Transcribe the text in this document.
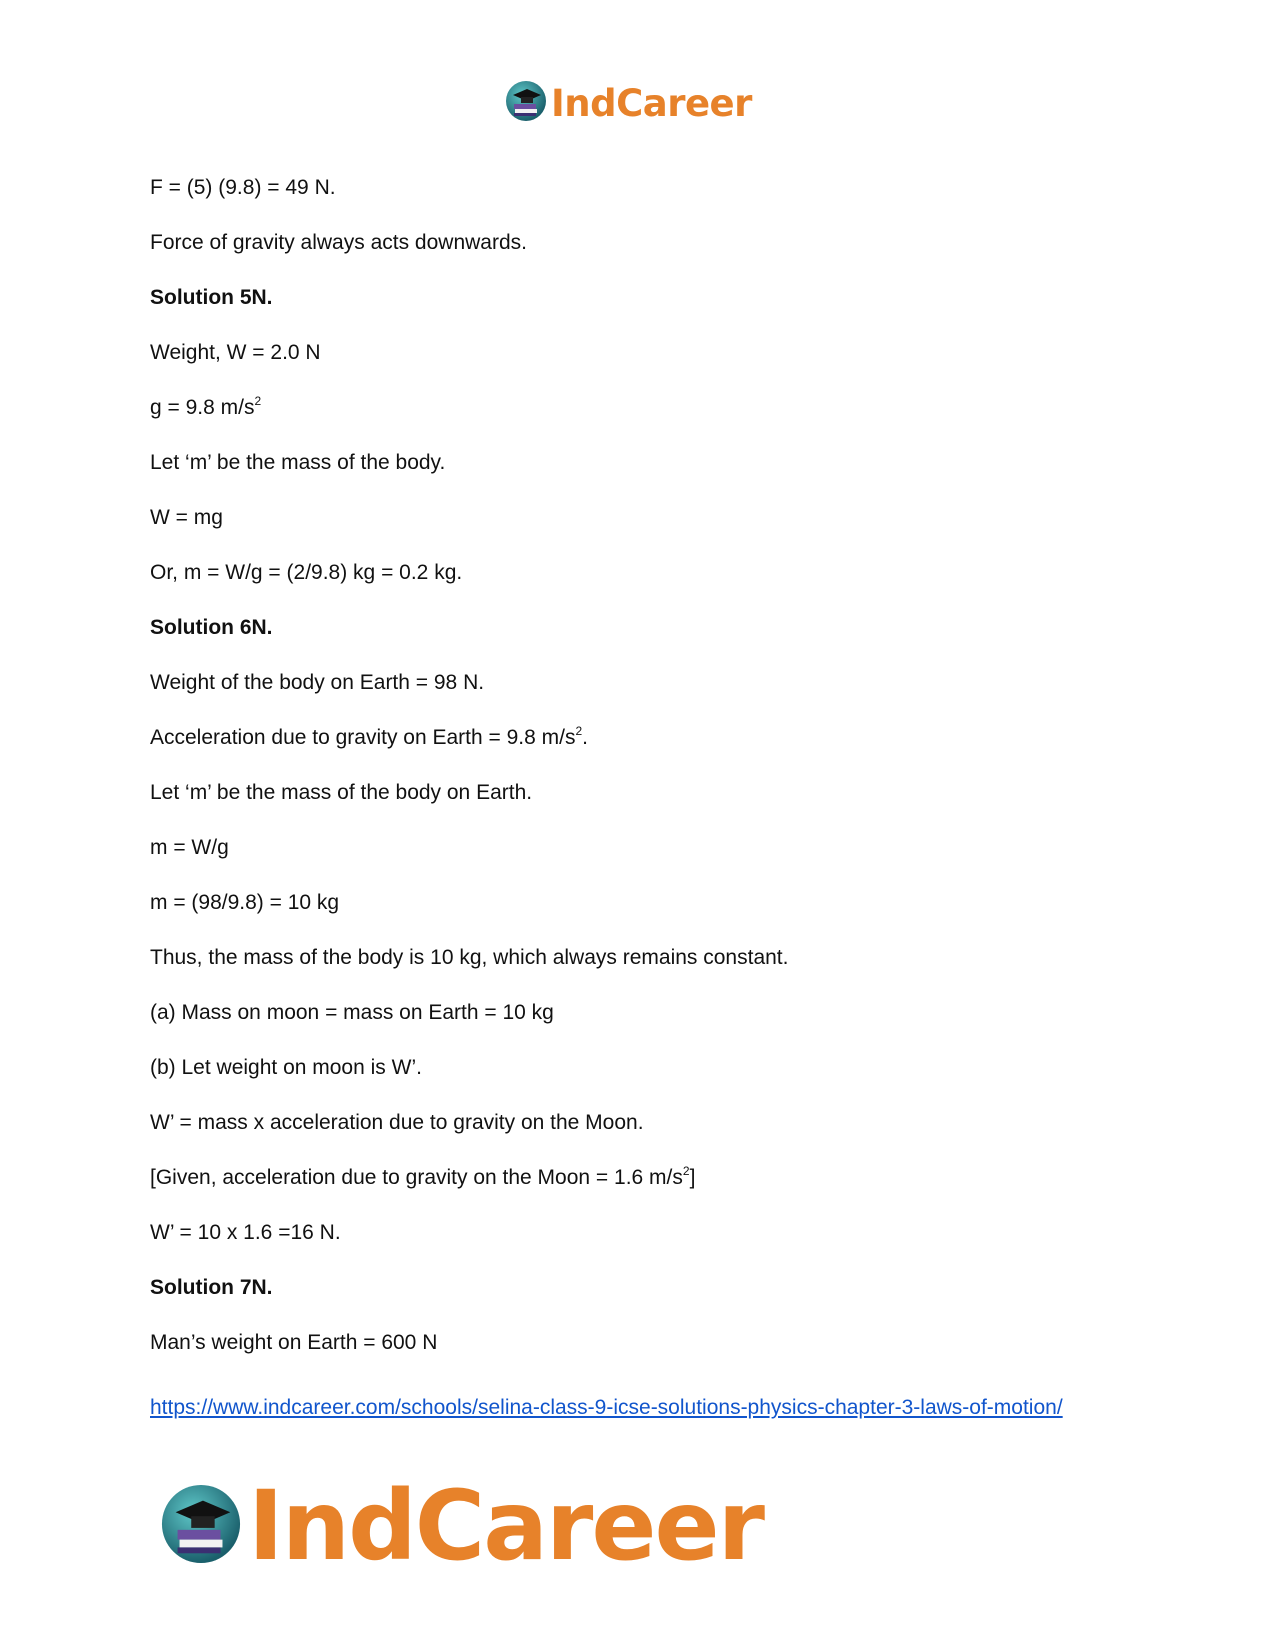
IndCareer
F = (5) (9.8) = 49 N.
Force of gravity always acts downwards.
Solution 5N.
Weight, W = 2.0 N
g = 9.8 $m/s^2$
Let ‘m’ be the mass of the body.
W = mg
Or, m = W/g = (2/9.8) kg = 0.2 kg.
Solution 6N.
Weight of the body on Earth = 98 N.
Acceleration due to gravity on Earth = 9.8 $m/s^2$.
Let ‘m’ be the mass of the body on Earth.
m = W/g
m = (98/9.8) = 10 kg
Thus, the mass of the body is 10 kg, which always remains constant.
(a) Mass on moon = mass on Earth = 10 kg
(b) Let weight on moon is W’.
W’ = mass x acceleration due to gravity on the Moon.
[Given, acceleration due to gravity on the Moon = 1.6 $m/s^2$]
W’ = 10 x 1.6 =16 N.
Solution 7N.
Man’s weight on Earth = 600 N
https://www.indcareer.com/schools/selina-class-9-icse-solutions-physics-chapter-3-laws-of-motion/
IndCareer
